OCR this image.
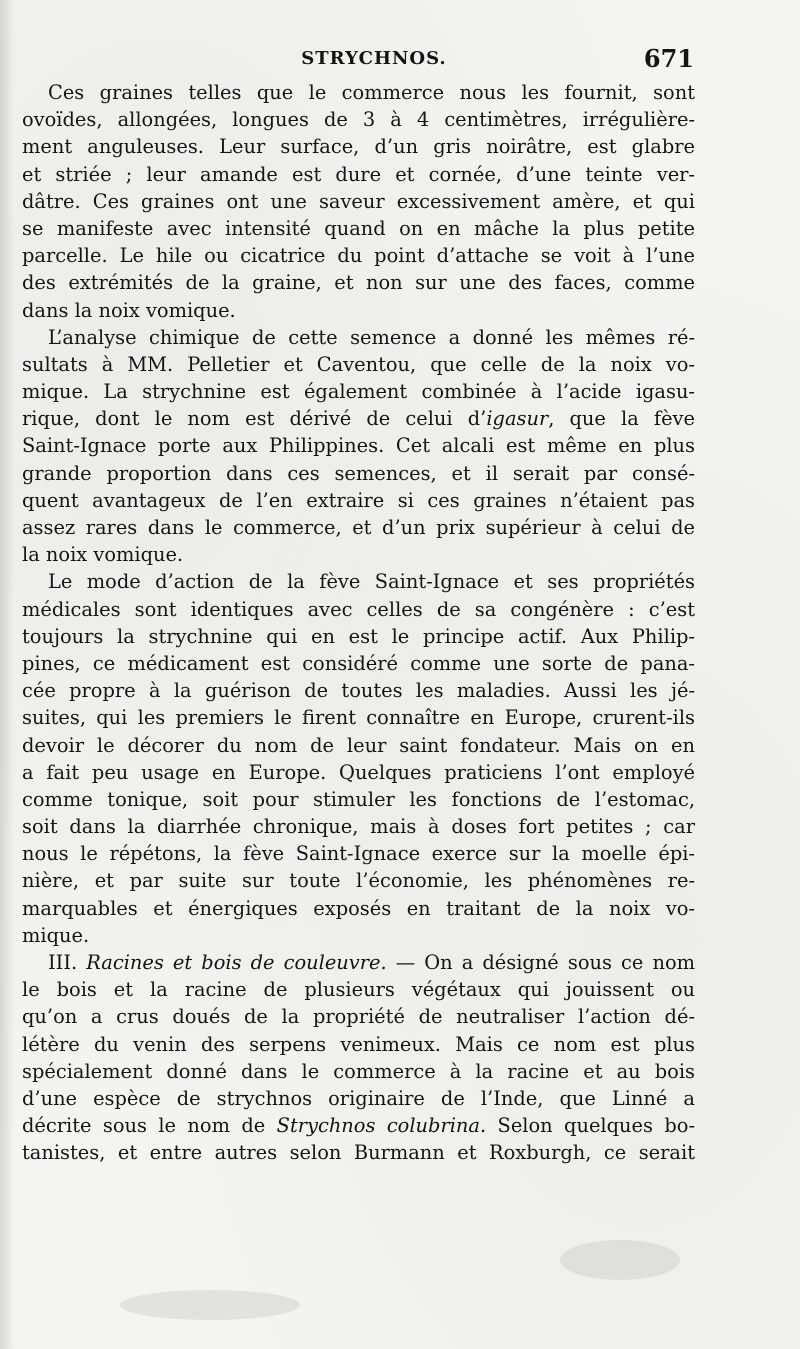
STRYCHNOS.	671
Ces graines telles que le commerce nous les fournit, sont
ovoïdes, allongées, longues de 3 à 4 centimètres, irrégulière-
ment anguleuses. Leur surface, d’un gris noirâtre, est glabre
et striée ; leur amande est dure et cornée, d’une teinte ver-
dâtre. Ces graines ont une saveur excessivement amère, et qui
se manifeste avec intensité quand on en mâche la plus petite
parcelle. Le hile ou cicatrice du point d’attache se voit à l’une
des extrémités de la graine, et non sur une des faces, comme
dans la noix vomique.
L’analyse chimique de cette semence a donné les mêmes ré-
sultats à MM. Pelletier et Caventou, que celle de la noix vo-
mique. La strychnine est également combinée à l’acide igasu-
rique, dont le nom est dérivé de celui d’igasur, que la fève
Saint-Ignace porte aux Philippines. Cet alcali est même en plus
grande proportion dans ces semences, et il serait par consé-
quent avantageux de l’en extraire si ces graines n’étaient pas
assez rares dans le commerce, et d’un prix supérieur à celui de
la noix vomique.
Le mode d’action de la fève Saint-Ignace et ses propriétés
médicales sont identiques avec celles de sa congénère : c’est
toujours la strychnine qui en est le principe actif. Aux Philip-
pines, ce médicament est considéré comme une sorte de pana-
cée propre à la guérison de toutes les maladies. Aussi les jé-
suites, qui les premiers le firent connaître en Europe, crurent-ils
devoir le décorer du nom de leur saint fondateur. Mais on en
a fait peu usage en Europe. Quelques praticiens l’ont employé
comme tonique, soit pour stimuler les fonctions de l’estomac,
soit dans la diarrhée chronique, mais à doses fort petites ; car
nous le répétons, la fève Saint-Ignace exerce sur la moelle épi-
nière, et par suite sur toute l’économie, les phénomènes re-
marquables et énergiques exposés en traitant de la noix vo-
mique.
III. Racines et bois de couleuvre. — On a désigné sous ce nom
le bois et la racine de plusieurs végétaux qui jouissent ou
qu’on a crus doués de la propriété de neutraliser l’action dé-
létère du venin des serpens venimeux. Mais ce nom est plus
spécialement donné dans le commerce à la racine et au bois
d’une espèce de strychnos originaire de l’Inde, que Linné a
décrite sous le nom de Strychnos colubrina. Selon quelques bo-
tanistes, et entre autres selon Burmann et Roxburgh, ce serait
